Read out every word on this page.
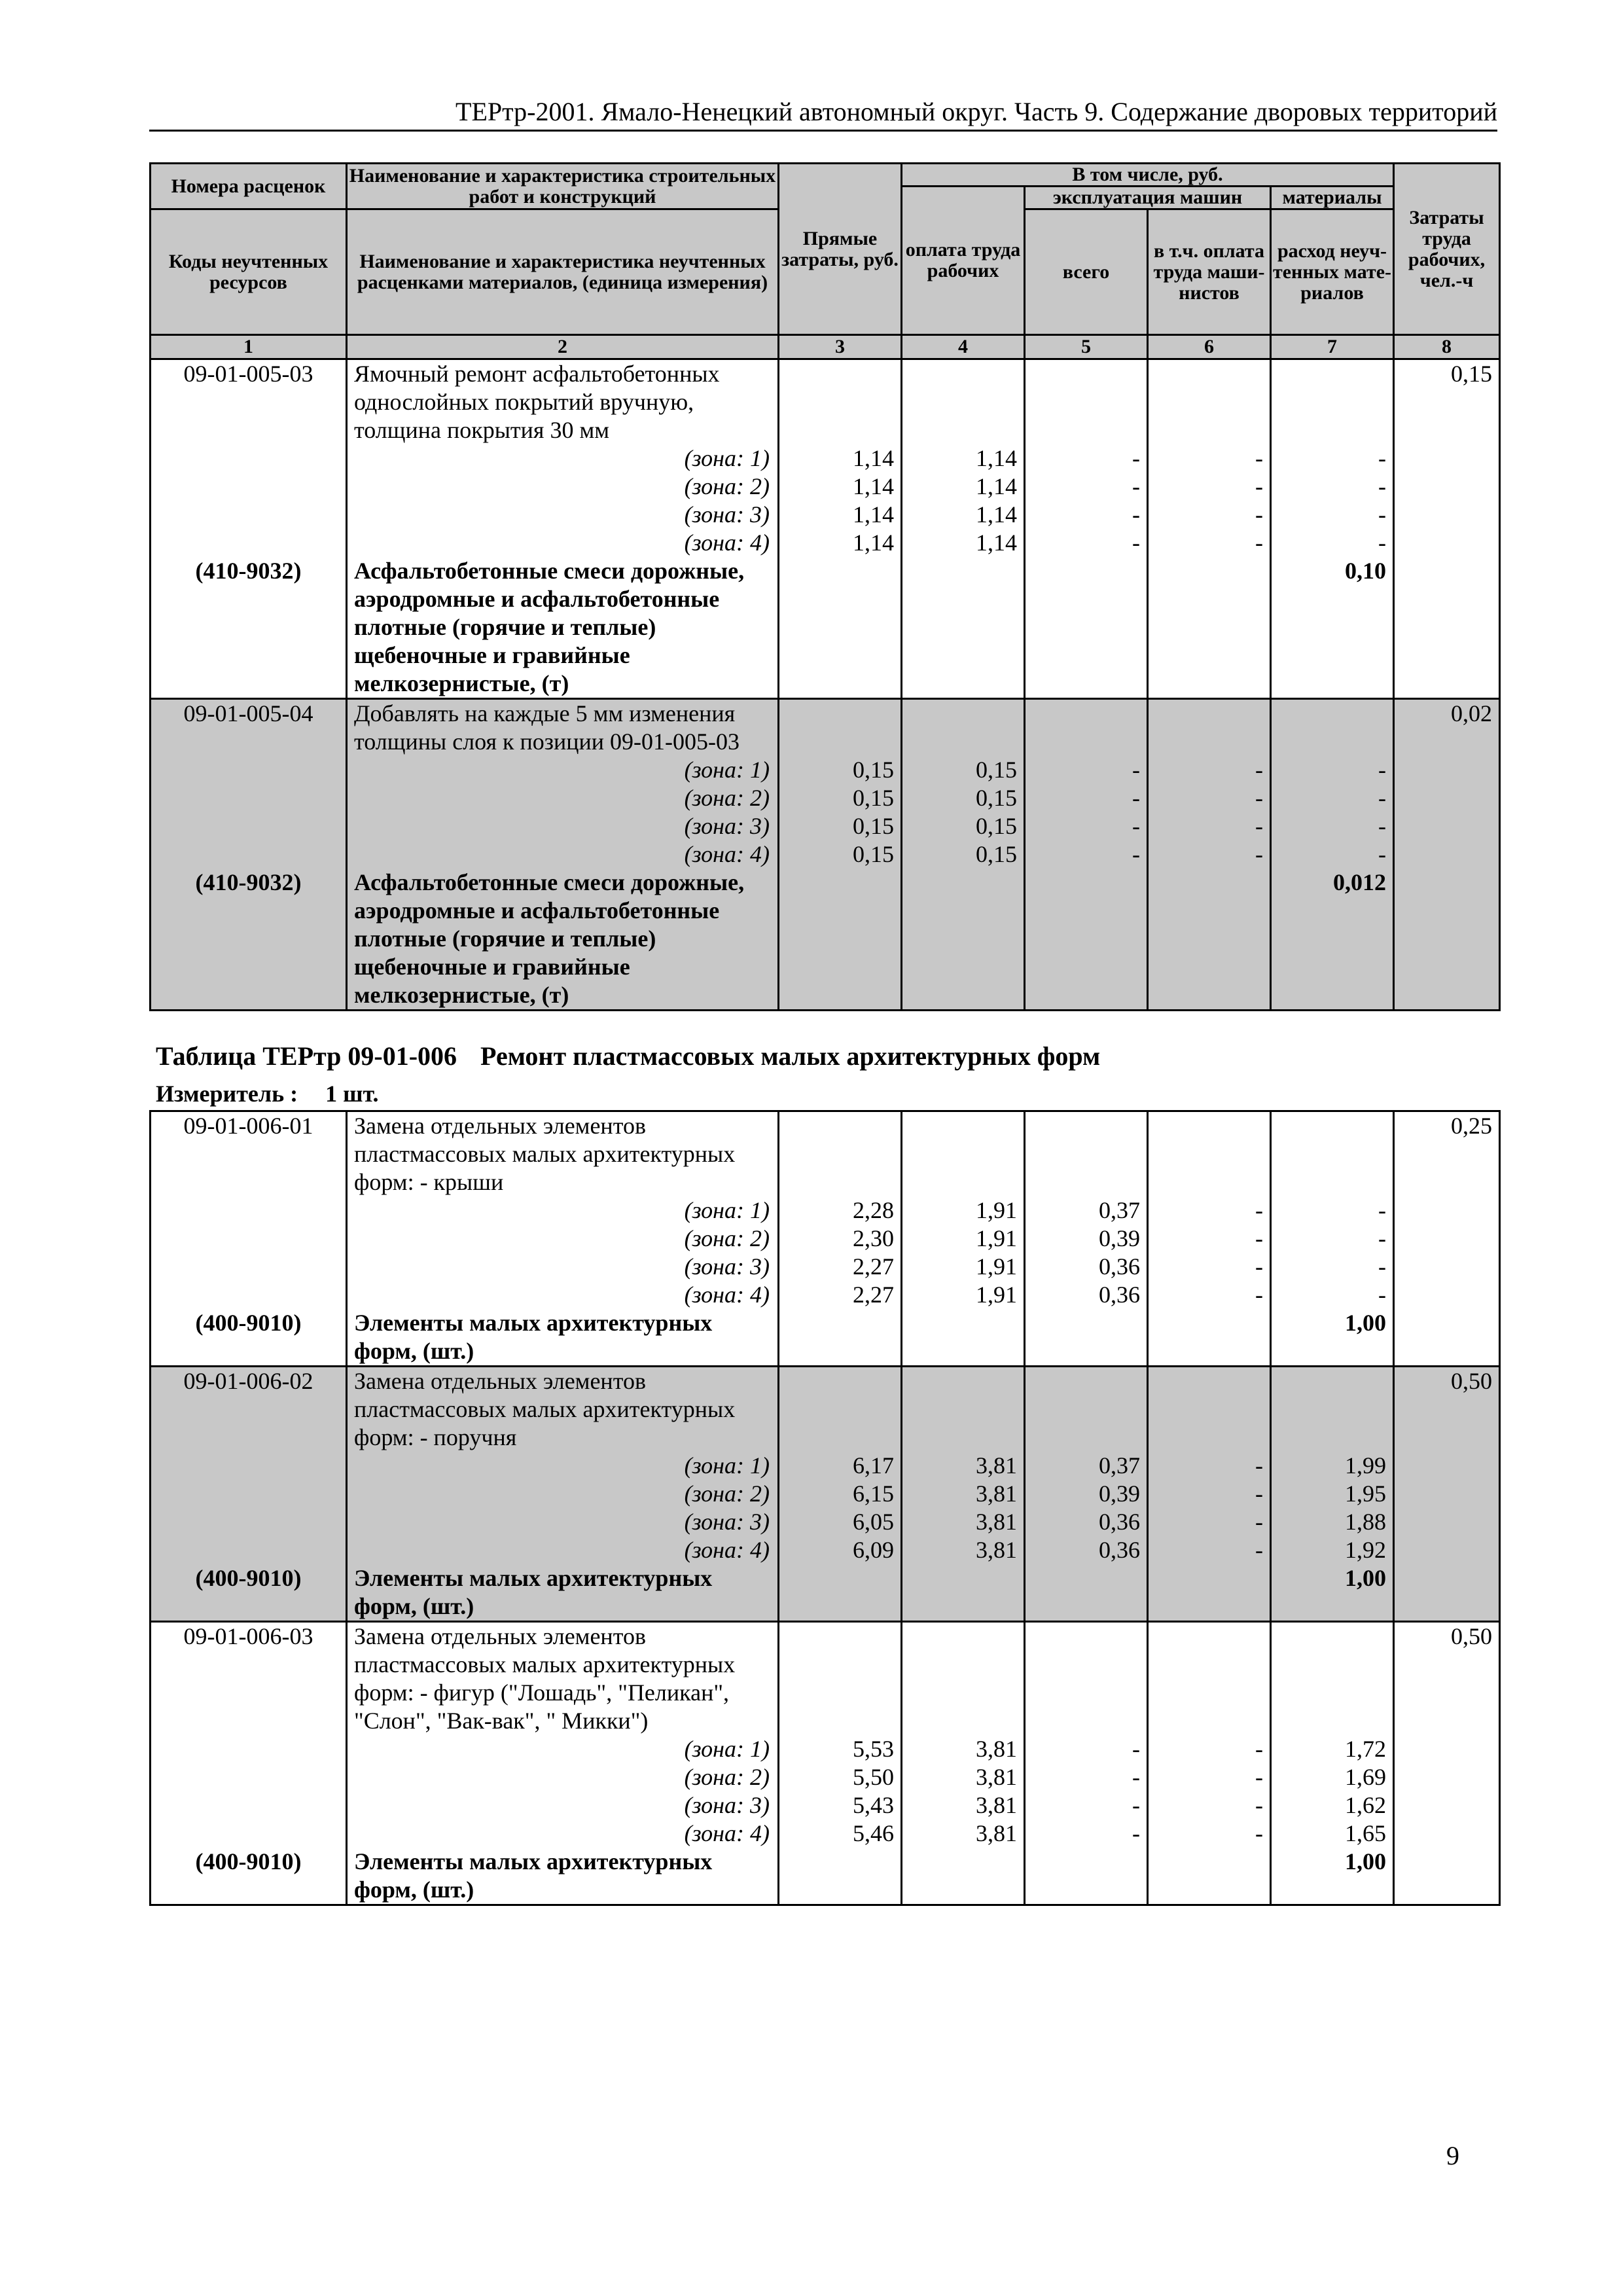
ТЕРтр-2001. Ямало-Ненецкий автономный округ. Часть 9. Содержание дворовых территорий
Номера расценок	Наименование и характеристика строительных работ и конструкций	Прямые затраты, руб.	В том числе, руб.				Затраты труда рабочих, чел.-ч
			оплата труда рабочих	эксплуатация машин		материалы	
Коды неучтенных ресурсов	Наименование и характеристика неучтенных расценками материалов, (единица измерения)			всего	в т.ч. оплата труда маши- нистов	расход неуч- тенных мате- риалов	

1	2	3	4	5	6	7	8
09-01-005-03	Ямочный ремонт асфальтобетонных						0,15
	однослойных покрытий вручную,						
	толщина покрытия 30 мм						
	(зона: 1)	1,14	1,14	-	-	-	
	(зона: 2)	1,14	1,14	-	-	-	
	(зона: 3)	1,14	1,14	-	-	-	
	(зона: 4)	1,14	1,14	-	-	-	
(410-9032)	Асфальтобетонные смеси дорожные,					0,10	
	аэродромные и асфальтобетонные						
	плотные (горячие и теплые)						
	щебеночные и гравийные						
	мелкозернистые, (т)						
09-01-005-04	Добавлять на каждые 5 мм изменения						0,02
	толщины слоя к позиции 09-01-005-03						
	(зона: 1)	0,15	0,15	-	-	-	
	(зона: 2)	0,15	0,15	-	-	-	
	(зона: 3)	0,15	0,15	-	-	-	
	(зона: 4)	0,15	0,15	-	-	-	
(410-9032)	Асфальтобетонные смеси дорожные,					0,012	
	аэродромные и асфальтобетонные						
	плотные (горячие и теплые)						
	щебеночные и гравийные						
	мелкозернистые, (т)						
Таблица ТЕРтр 09-01-006 Ремонт пластмассовых малых архитектурных форм
Измеритель : 1 шт.
09-01-006-01	Замена отдельных элементов						0,25
	пластмассовых малых архитектурных						
	форм: - крыши						
	(зона: 1)	2,28	1,91	0,37	-	-	
	(зона: 2)	2,30	1,91	0,39	-	-	
	(зона: 3)	2,27	1,91	0,36	-	-	
	(зона: 4)	2,27	1,91	0,36	-	-	
(400-9010)	Элементы малых архитектурных					1,00	
	форм, (шт.)						
09-01-006-02	Замена отдельных элементов						0,50
	пластмассовых малых архитектурных						
	форм: - поручня						
	(зона: 1)	6,17	3,81	0,37	-	1,99	
	(зона: 2)	6,15	3,81	0,39	-	1,95	
	(зона: 3)	6,05	3,81	0,36	-	1,88	
	(зона: 4)	6,09	3,81	0,36	-	1,92	
(400-9010)	Элементы малых архитектурных					1,00	
	форм, (шт.)						
09-01-006-03	Замена отдельных элементов						0,50
	пластмассовых малых архитектурных						
	форм: - фигур ("Лошадь", "Пеликан",						
	"Слон", "Вак-вак", " Микки")						
	(зона: 1)	5,53	3,81	-	-	1,72	
	(зона: 2)	5,50	3,81	-	-	1,69	
	(зона: 3)	5,43	3,81	-	-	1,62	
	(зона: 4)	5,46	3,81	-	-	1,65	
(400-9010)	Элементы малых архитектурных					1,00	
	форм, (шт.)						
9
